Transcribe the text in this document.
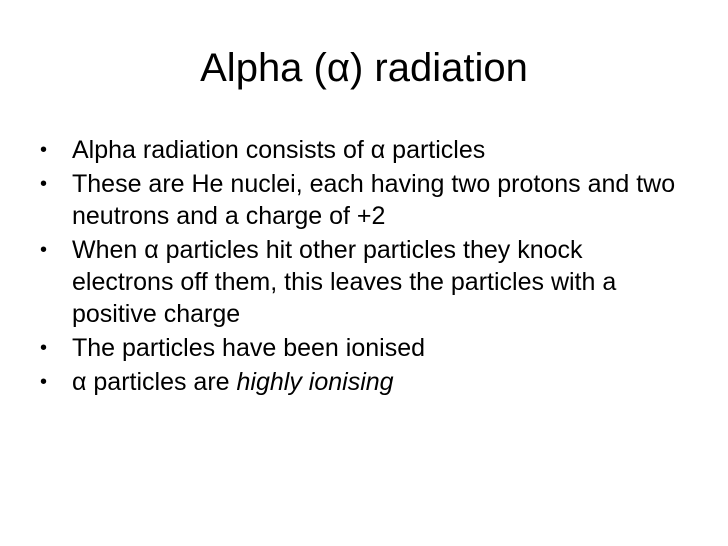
Alpha (α) radiation
• Alpha radiation consists of α particles
• These are He nuclei, each having two protons and two neutrons and a charge of +2
• When α particles hit other particles they knock electrons off them, this leaves the particles with a positive charge
• The particles have been ionised
• α particles are highly ionising
